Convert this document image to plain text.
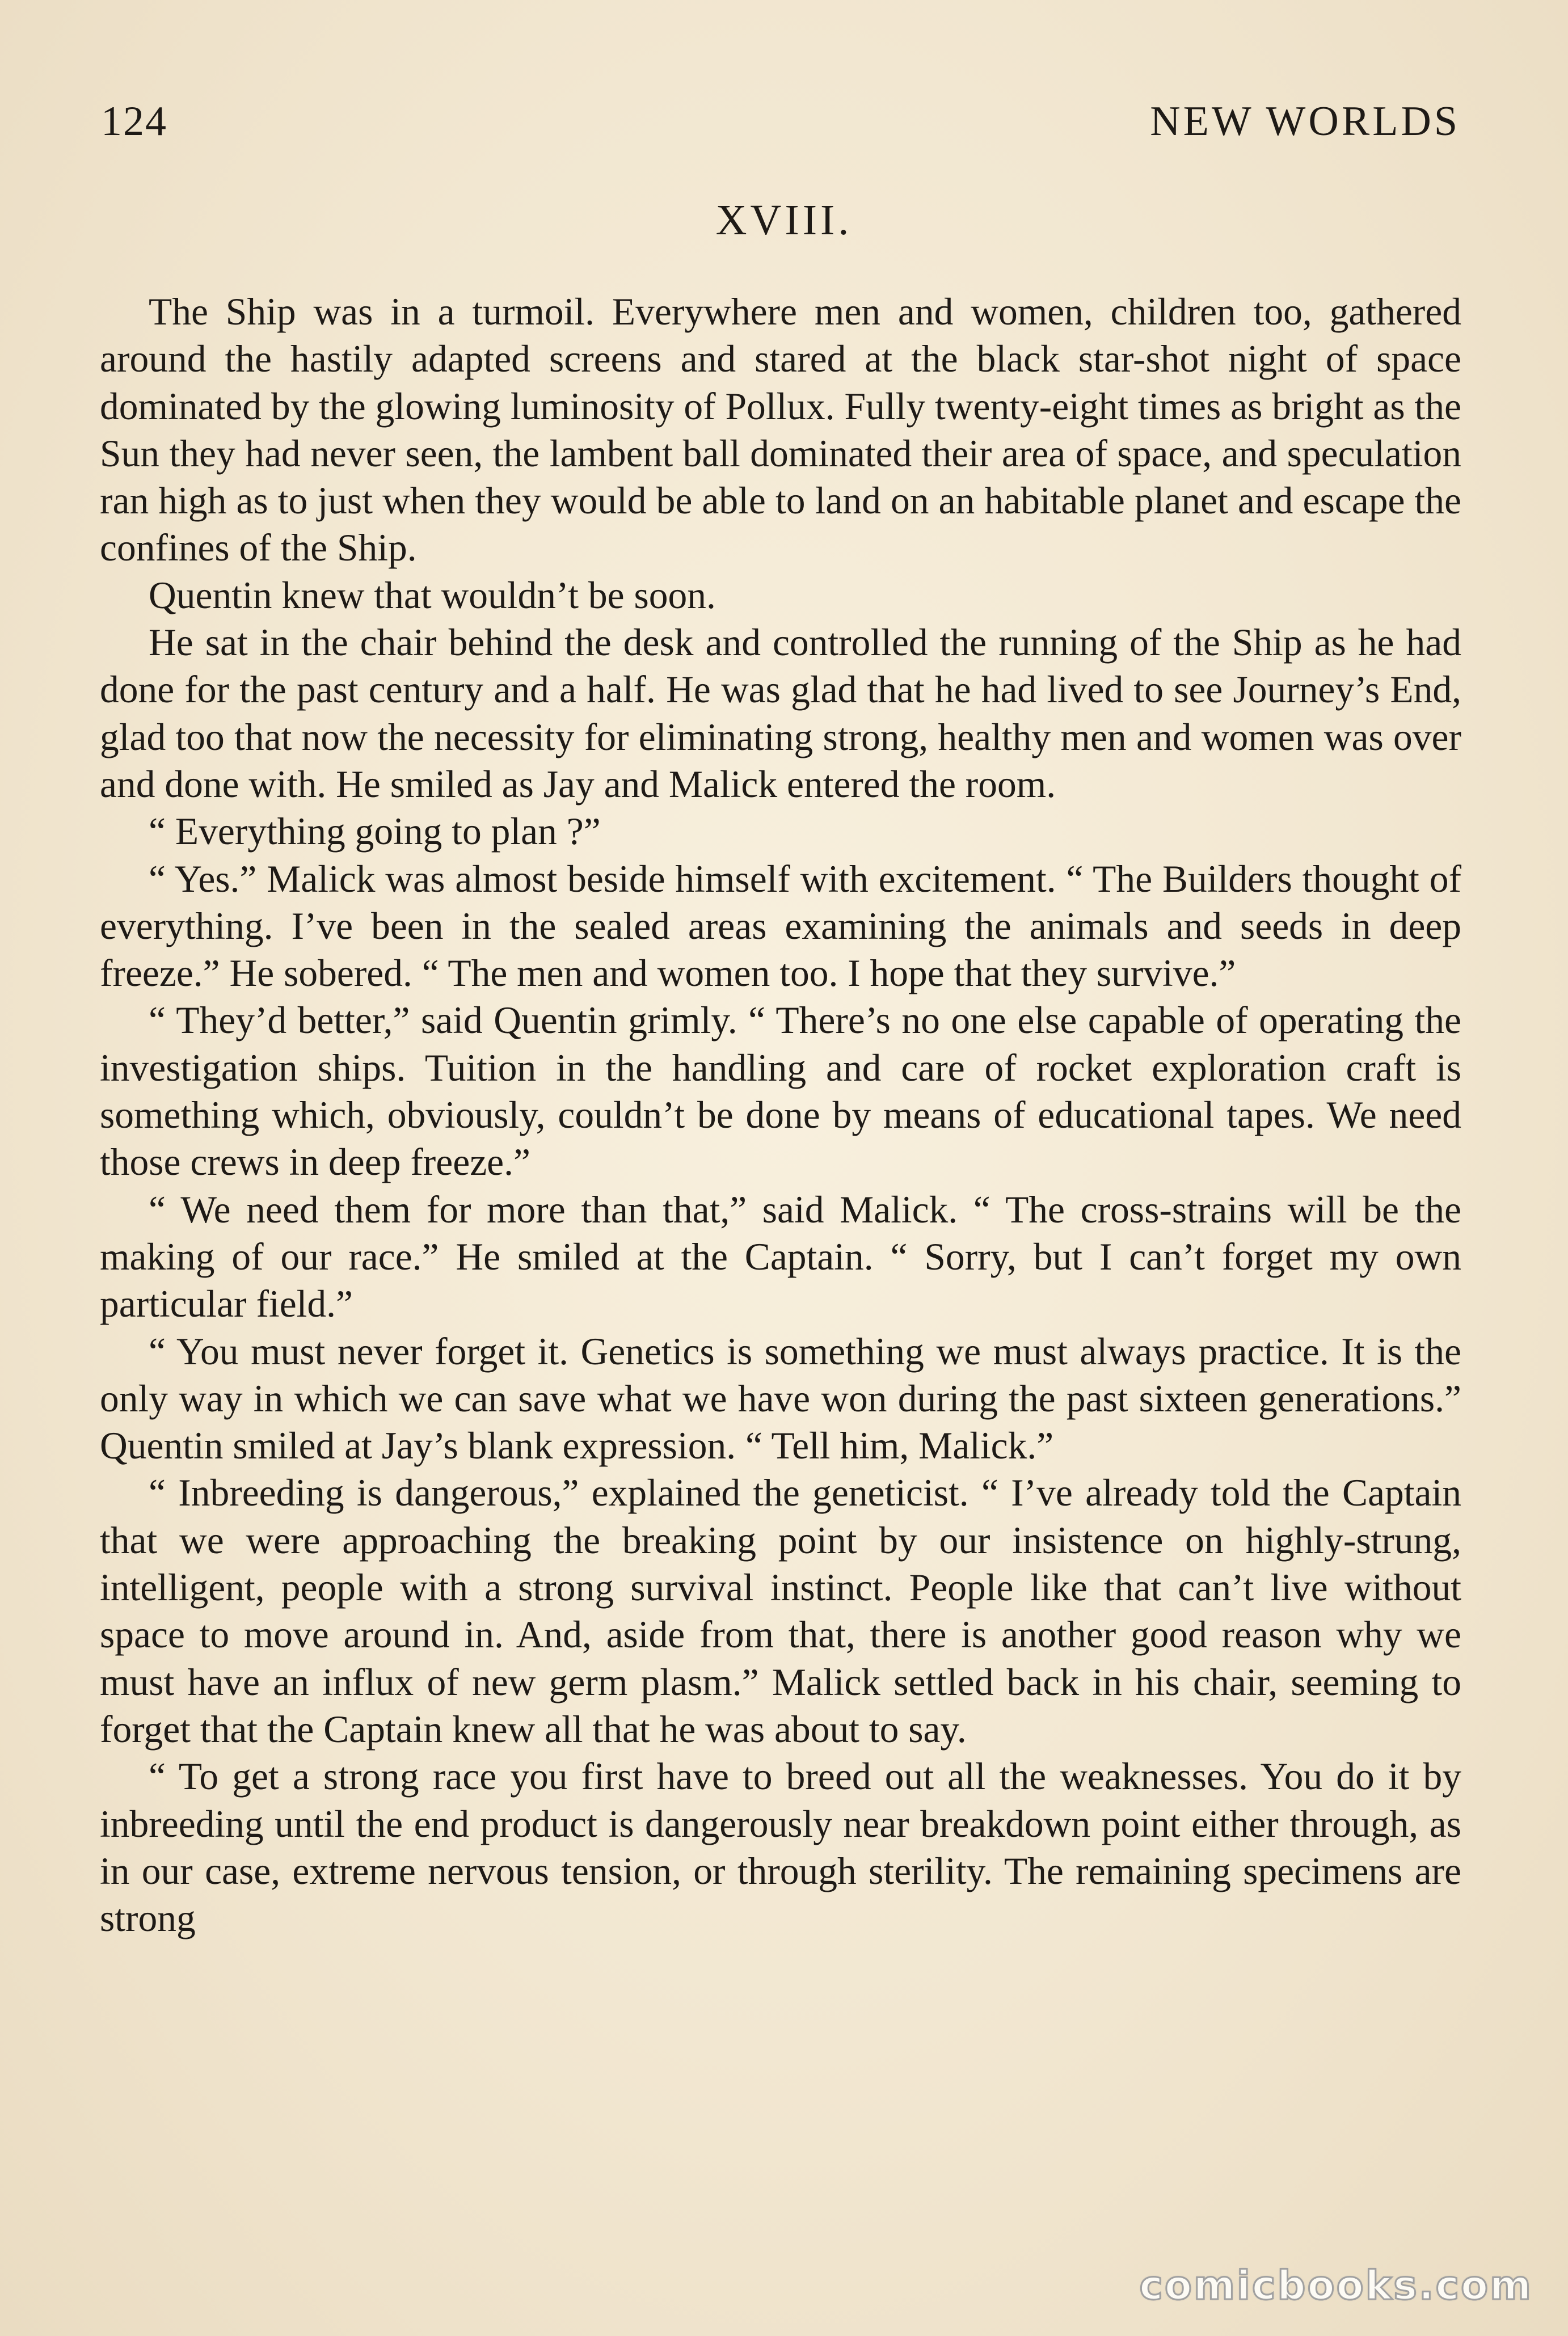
124	NEW WORLDS
XVIII.

The Ship was in a turmoil. Everywhere men and women, children too, gathered around the hastily adapted screens and stared at the black star-shot night of space dominated by the glowing luminosity of Pollux. Fully twenty-eight times as bright as the Sun they had never seen, the lambent ball dominated their area of space, and speculation ran high as to just when they would be able to land on an habitable planet and escape the confines of the Ship.

Quentin knew that wouldn’t be soon.

He sat in the chair behind the desk and controlled the running of the Ship as he had done for the past century and a half. He was glad that he had lived to see Journey’s End, glad too that now the necessity for eliminating strong, healthy men and women was over and done with. He smiled as Jay and Malick entered the room.

“ Everything going to plan ?”

“ Yes.” Malick was almost beside himself with excitement. “ The Builders thought of everything. I’ve been in the sealed areas examining the animals and seeds in deep freeze.” He sobered. “ The men and women too. I hope that they survive.”

“ They’d better,” said Quentin grimly. “ There’s no one else capable of operating the investigation ships. Tuition in the handling and care of rocket exploration craft is something which, obviously, couldn’t be done by means of educational tapes. We need those crews in deep freeze.”

“ We need them for more than that,” said Malick. “ The cross-strains will be the making of our race.” He smiled at the Captain. “ Sorry, but I can’t forget my own particular field.”

“ You must never forget it. Genetics is something we must always practice. It is the only way in which we can save what we have won during the past sixteen generations.” Quentin smiled at Jay’s blank expression. “ Tell him, Malick.”

“ Inbreeding is dangerous,” explained the geneticist. “ I’ve already told the Captain that we were approaching the breaking point by our insistence on highly-strung, intelligent, people with a strong survival instinct. People like that can’t live without space to move around in. And, aside from that, there is another good reason why we must have an influx of new germ plasm.” Malick settled back in his chair, seeming to forget that the Captain knew all that he was about to say.

“ To get a strong race you first have to breed out all the weaknesses. You do it by inbreeding until the end product is dangerously near breakdown point either through, as in our case, extreme nervous tension, or through sterility. The remaining specimens are strong

comicbooks.com
